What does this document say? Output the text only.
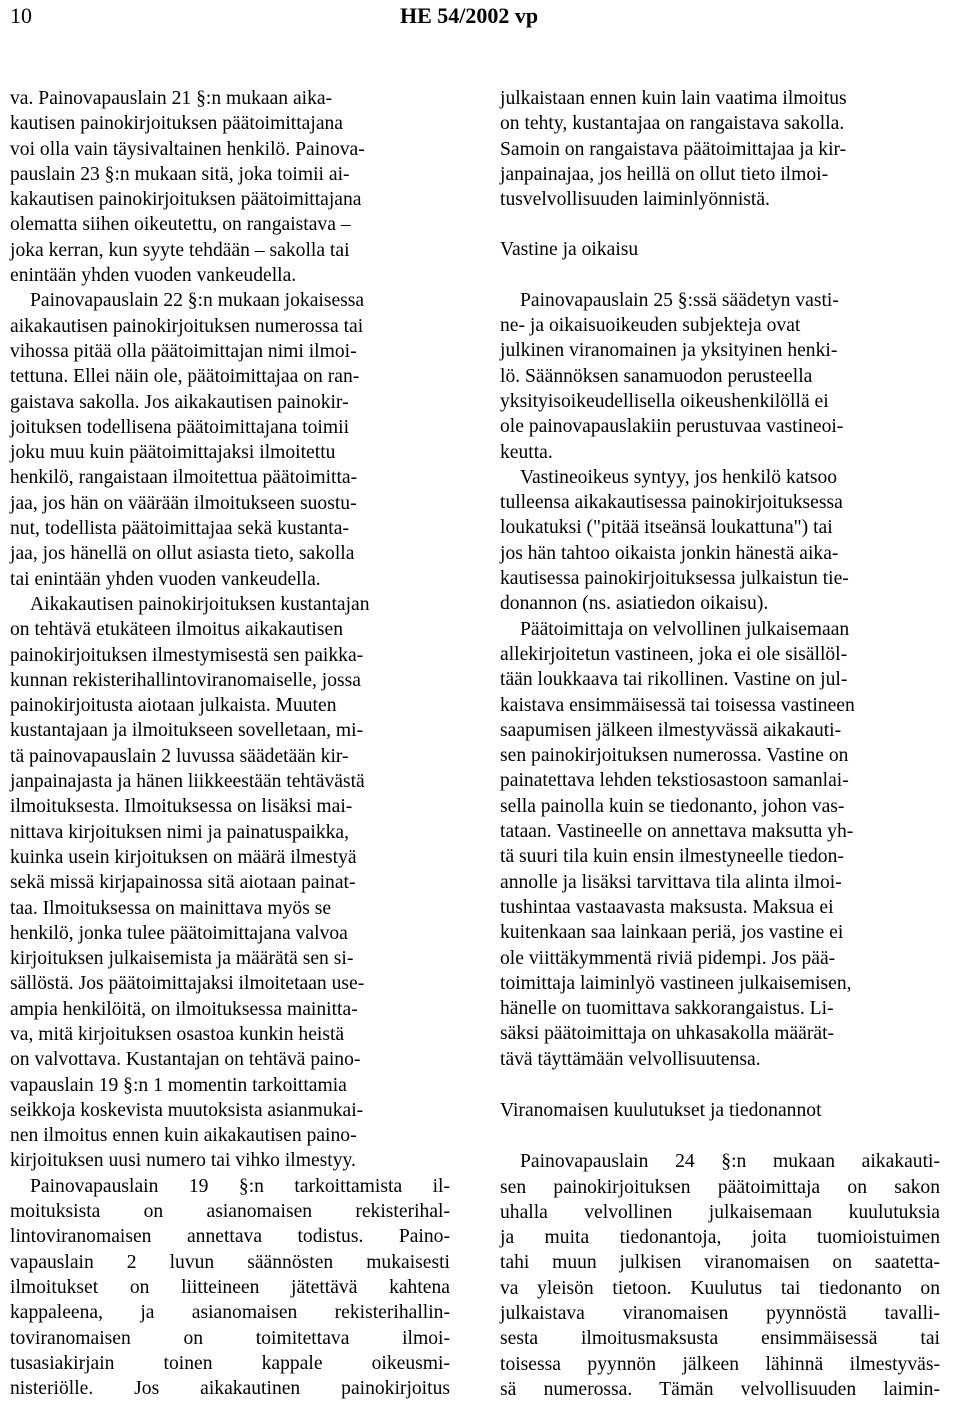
10	HE 54/2002 vp

va. Painovapauslain 21 §:n mukaan aika-
kautisen painokirjoituksen päätoimittajana
voi olla vain täysivaltainen henkilö. Painova-
pauslain 23 §:n mukaan sitä, joka toimii ai-
kakautisen painokirjoituksen päätoimittajana
olematta siihen oikeutettu, on rangaistava –
joka kerran, kun syyte tehdään – sakolla tai
enintään yhden vuoden vankeudella.

Painovapauslain 22 §:n mukaan jokaisessa
aikakautisen painokirjoituksen numerossa tai
vihossa pitää olla päätoimittajan nimi ilmoi-
tettuna. Ellei näin ole, päätoimittajaa on ran-
gaistava sakolla. Jos aikakautisen painokir-
joituksen todellisena päätoimittajana toimii
joku muu kuin päätoimittajaksi ilmoitettu
henkilö, rangaistaan ilmoitettua päätoimitta-
jaa, jos hän on väärään ilmoitukseen suostu-
nut, todellista päätoimittajaa sekä kustanta-
jaa, jos hänellä on ollut asiasta tieto, sakolla
tai enintään yhden vuoden vankeudella.

Aikakautisen painokirjoituksen kustantajan
on tehtävä etukäteen ilmoitus aikakautisen
painokirjoituksen ilmestymisestä sen paikka-
kunnan rekisterihallintoviranomaiselle, jossa
painokirjoitusta aiotaan julkaista. Muuten
kustantajaan ja ilmoitukseen sovelletaan, mi-
tä painovapauslain 2 luvussa säädetään kir-
janpainajasta ja hänen liikkeestään tehtävästä
ilmoituksesta. Ilmoituksessa on lisäksi mai-
nittava kirjoituksen nimi ja painatuspaikka,
kuinka usein kirjoituksen on määrä ilmestyä
sekä missä kirjapainossa sitä aiotaan painat-
taa. Ilmoituksessa on mainittava myös se
henkilö, jonka tulee päätoimittajana valvoa
kirjoituksen julkaisemista ja määrätä sen si-
sällöstä. Jos päätoimittajaksi ilmoitetaan use-
ampia henkilöitä, on ilmoituksessa mainitta-
va, mitä kirjoituksen osastoa kunkin heistä
on valvottava. Kustantajan on tehtävä paino-
vapauslain 19 §:n 1 momentin tarkoittamia
seikkoja koskevista muutoksista asianmukai-
nen ilmoitus ennen kuin aikakautisen paino-
kirjoituksen uusi numero tai vihko ilmestyy.

Painovapauslain 19 §:n tarkoittamista il-
moituksista on asianomaisen rekisterihal-
lintoviranomaisen annettava todistus. Paino-
vapauslain 2 luvun säännösten mukaisesti
ilmoitukset on liitteineen jätettävä kahtena
kappaleena, ja asianomaisen rekisterihallin-
toviranomaisen on toimitettava ilmoi-
tusasiakirjain toinen kappale oikeusmi-
nisteriölle. Jos aikakautinen painokirjoitus

julkaistaan ennen kuin lain vaatima ilmoitus
on tehty, kustantajaa on rangaistava sakolla.
Samoin on rangaistava päätoimittajaa ja kir-
janpainajaa, jos heillä on ollut tieto ilmoi-
tusvelvollisuuden laiminlyönnistä.

Vastine ja oikaisu

Painovapauslain 25 §:ssä säädetyn vasti-
ne- ja oikaisuoikeuden subjekteja ovat
julkinen viranomainen ja yksityinen henki-
lö. Säännöksen sanamuodon perusteella
yksityisoikeudellisella oikeushenkilöllä ei
ole painovapauslakiin perustuvaa vastineoi-
keutta.

Vastineoikeus syntyy, jos henkilö katsoo
tulleensa aikakautisessa painokirjoituksessa
loukatuksi ("pitää itseänsä loukattuna") tai
jos hän tahtoo oikaista jonkin hänestä aika-
kautisessa painokirjoituksessa julkaistun tie-
donannon (ns. asiatiedon oikaisu).

Päätoimittaja on velvollinen julkaisemaan
allekirjoitetun vastineen, joka ei ole sisällöl-
tään loukkaava tai rikollinen. Vastine on jul-
kaistava ensimmäisessä tai toisessa vastineen
saapumisen jälkeen ilmestyvässä aikakauti-
sen painokirjoituksen numerossa. Vastine on
painatettava lehden tekstiosastoon samanlai-
sella painolla kuin se tiedonanto, johon vas-
tataan. Vastineelle on annettava maksutta yh-
tä suuri tila kuin ensin ilmestyneelle tiedon-
annolle ja lisäksi tarvittava tila alinta ilmoi-
tushintaa vastaavasta maksusta. Maksua ei
kuitenkaan saa lainkaan periä, jos vastine ei
ole viittäkymmentä riviä pidempi. Jos pää-
toimittaja laiminlyö vastineen julkaisemisen,
hänelle on tuomittava sakkorangaistus. Li-
säksi päätoimittaja on uhkasakolla määrät-
tävä täyttämään velvollisuutensa.

Viranomaisen kuulutukset ja tiedonannot

Painovapauslain 24 §:n mukaan aikakauti-
sen painokirjoituksen päätoimittaja on sakon
uhalla velvollinen julkaisemaan kuulutuksia
ja muita tiedonantoja, joita tuomioistuimen
tahi muun julkisen viranomaisen on saatetta-
va yleisön tietoon. Kuulutus tai tiedonanto on
julkaistava viranomaisen pyynnöstä tavalli-
sesta ilmoitusmaksusta ensimmäisessä tai
toisessa pyynnön jälkeen lähinnä ilmestyväs-
sä numerossa. Tämän velvollisuuden laimin-
